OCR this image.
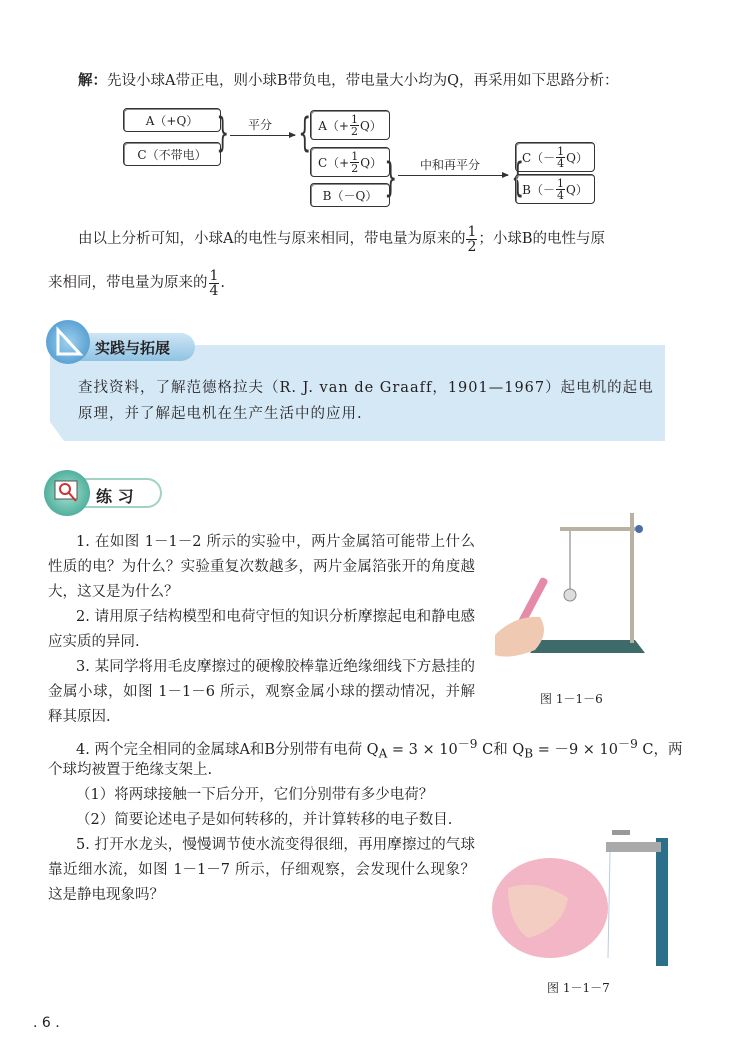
解：先设小球A带正电，则小球B带负电，带电量大小均为Q，再采用如下思路分析：
A（+Q）
C（不带电） } 平分 { $A(+ \frac{1}{2} Q)$
$C(+ \frac{1}{2} Q)$
B（－Q） } 中和再平分 {
$C(- \frac{1}{4} Q)$
$B(- \frac{1}{4} Q)$
由以上分析可知，小球A的电性与原来相同，带电量为原来的 $\frac{1}{2}$ ；小球B的电性与原
来相同，带电量为原来的 $\frac{1}{4}$ .
实践与拓展
查找资料，了解范德格拉夫（R. J. van de Graaff，1901—1967）起电机的起电
原理，并了解起电机在生产生活中的应用.
练 习
1. 在如图 1－1－2 所示的实验中，两片金属箔可能带上什么性质的电？为什么？实验重复次数越多，两片金属箔张开的角度越大，这又是为什么？
2. 请用原子结构模型和电荷守恒的知识分析摩擦起电和静电感应实质的异同.
3. 某同学将用毛皮摩擦过的硬橡胶棒靠近绝缘细线下方悬挂的金属小球，如图 1－1－6 所示，观察金属小球的摆动情况，并解释其原因.
4. 两个完全相同的金属球A和B分别带有电荷 $Q_A = 3 \times 10^{-9}$ C和 $Q_B = -9 \times 10^{-9}$ C，两
个球均被置于绝缘支架上.
（1）将两球接触一下后分开，它们分别带有多少电荷？
（2）简要论述电子是如何转移的，并计算转移的电子数目.
5. 打开水龙头，慢慢调节使水流变得很细，再用摩擦过的气球靠近细水流，如图 1－1－7 所示，仔细观察，会发现什么现象？这是静电现象吗？
图 1－1－6
图 1－1－7
. 6 .
